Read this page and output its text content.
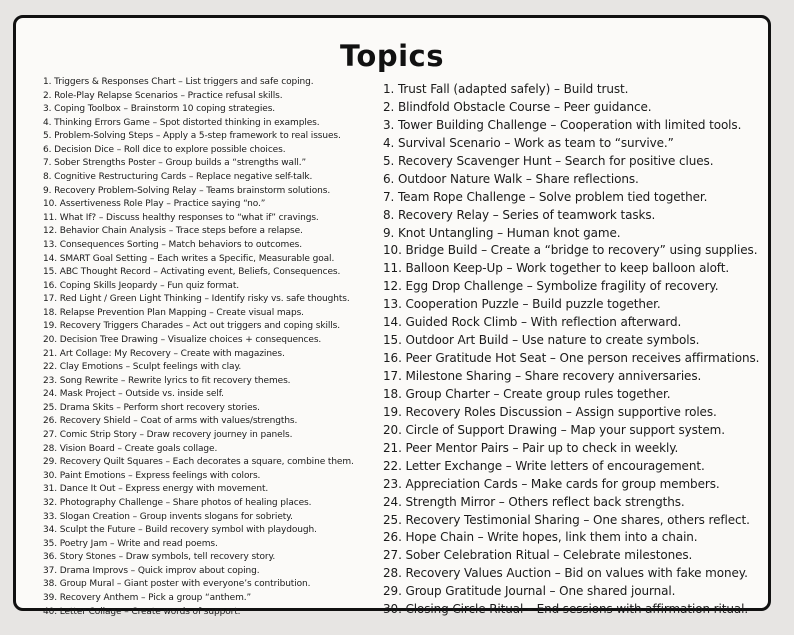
Topics
1. Triggers & Responses Chart – List triggers and safe coping.
2. Role-Play Relapse Scenarios – Practice refusal skills.
3. Coping Toolbox – Brainstorm 10 coping strategies.
4. Thinking Errors Game – Spot distorted thinking in examples.
5. Problem-Solving Steps – Apply a 5-step framework to real issues.
6. Decision Dice – Roll dice to explore possible choices.
7. Sober Strengths Poster – Group builds a “strengths wall.”
8. Cognitive Restructuring Cards – Replace negative self-talk.
9. Recovery Problem-Solving Relay – Teams brainstorm solutions.
10. Assertiveness Role Play – Practice saying “no.”
11. What If? – Discuss healthy responses to “what if” cravings.
12. Behavior Chain Analysis – Trace steps before a relapse.
13. Consequences Sorting – Match behaviors to outcomes.
14. SMART Goal Setting – Each writes a Specific, Measurable goal.
15. ABC Thought Record – Activating event, Beliefs, Consequences.
16. Coping Skills Jeopardy – Fun quiz format.
17. Red Light / Green Light Thinking – Identify risky vs. safe thoughts.
18. Relapse Prevention Plan Mapping – Create visual maps.
19. Recovery Triggers Charades – Act out triggers and coping skills.
20. Decision Tree Drawing – Visualize choices + consequences.
21. Art Collage: My Recovery – Create with magazines.
22. Clay Emotions – Sculpt feelings with clay.
23. Song Rewrite – Rewrite lyrics to fit recovery themes.
24. Mask Project – Outside vs. inside self.
25. Drama Skits – Perform short recovery stories.
26. Recovery Shield – Coat of arms with values/strengths.
27. Comic Strip Story – Draw recovery journey in panels.
28. Vision Board – Create goals collage.
29. Recovery Quilt Squares – Each decorates a square, combine them.
30. Paint Emotions – Express feelings with colors.
31. Dance It Out – Express energy with movement.
32. Photography Challenge – Share photos of healing places.
33. Slogan Creation – Group invents slogans for sobriety.
34. Sculpt the Future – Build recovery symbol with playdough.
35. Poetry Jam – Write and read poems.
36. Story Stones – Draw symbols, tell recovery story.
37. Drama Improvs – Quick improv about coping.
38. Group Mural – Giant poster with everyone’s contribution.
39. Recovery Anthem – Pick a group “anthem.”
40. Letter Collage – Create words of support.
1. Trust Fall (adapted safely) – Build trust.
2. Blindfold Obstacle Course – Peer guidance.
3. Tower Building Challenge – Cooperation with limited tools.
4. Survival Scenario – Work as team to “survive.”
5. Recovery Scavenger Hunt – Search for positive clues.
6. Outdoor Nature Walk – Share reflections.
7. Team Rope Challenge – Solve problem tied together.
8. Recovery Relay – Series of teamwork tasks.
9. Knot Untangling – Human knot game.
10. Bridge Build – Create a “bridge to recovery” using supplies.
11. Balloon Keep-Up – Work together to keep balloon aloft.
12. Egg Drop Challenge – Symbolize fragility of recovery.
13. Cooperation Puzzle – Build puzzle together.
14. Guided Rock Climb – With reflection afterward.
15. Outdoor Art Build – Use nature to create symbols.
16. Peer Gratitude Hot Seat – One person receives affirmations.
17. Milestone Sharing – Share recovery anniversaries.
18. Group Charter – Create group rules together.
19. Recovery Roles Discussion – Assign supportive roles.
20. Circle of Support Drawing – Map your support system.
21. Peer Mentor Pairs – Pair up to check in weekly.
22. Letter Exchange – Write letters of encouragement.
23. Appreciation Cards – Make cards for group members.
24. Strength Mirror – Others reflect back strengths.
25. Recovery Testimonial Sharing – One shares, others reflect.
26. Hope Chain – Write hopes, link them into a chain.
27. Sober Celebration Ritual – Celebrate milestones.
28. Recovery Values Auction – Bid on values with fake money.
29. Group Gratitude Journal – One shared journal.
30. Closing Circle Ritual – End sessions with affirmation ritual.
